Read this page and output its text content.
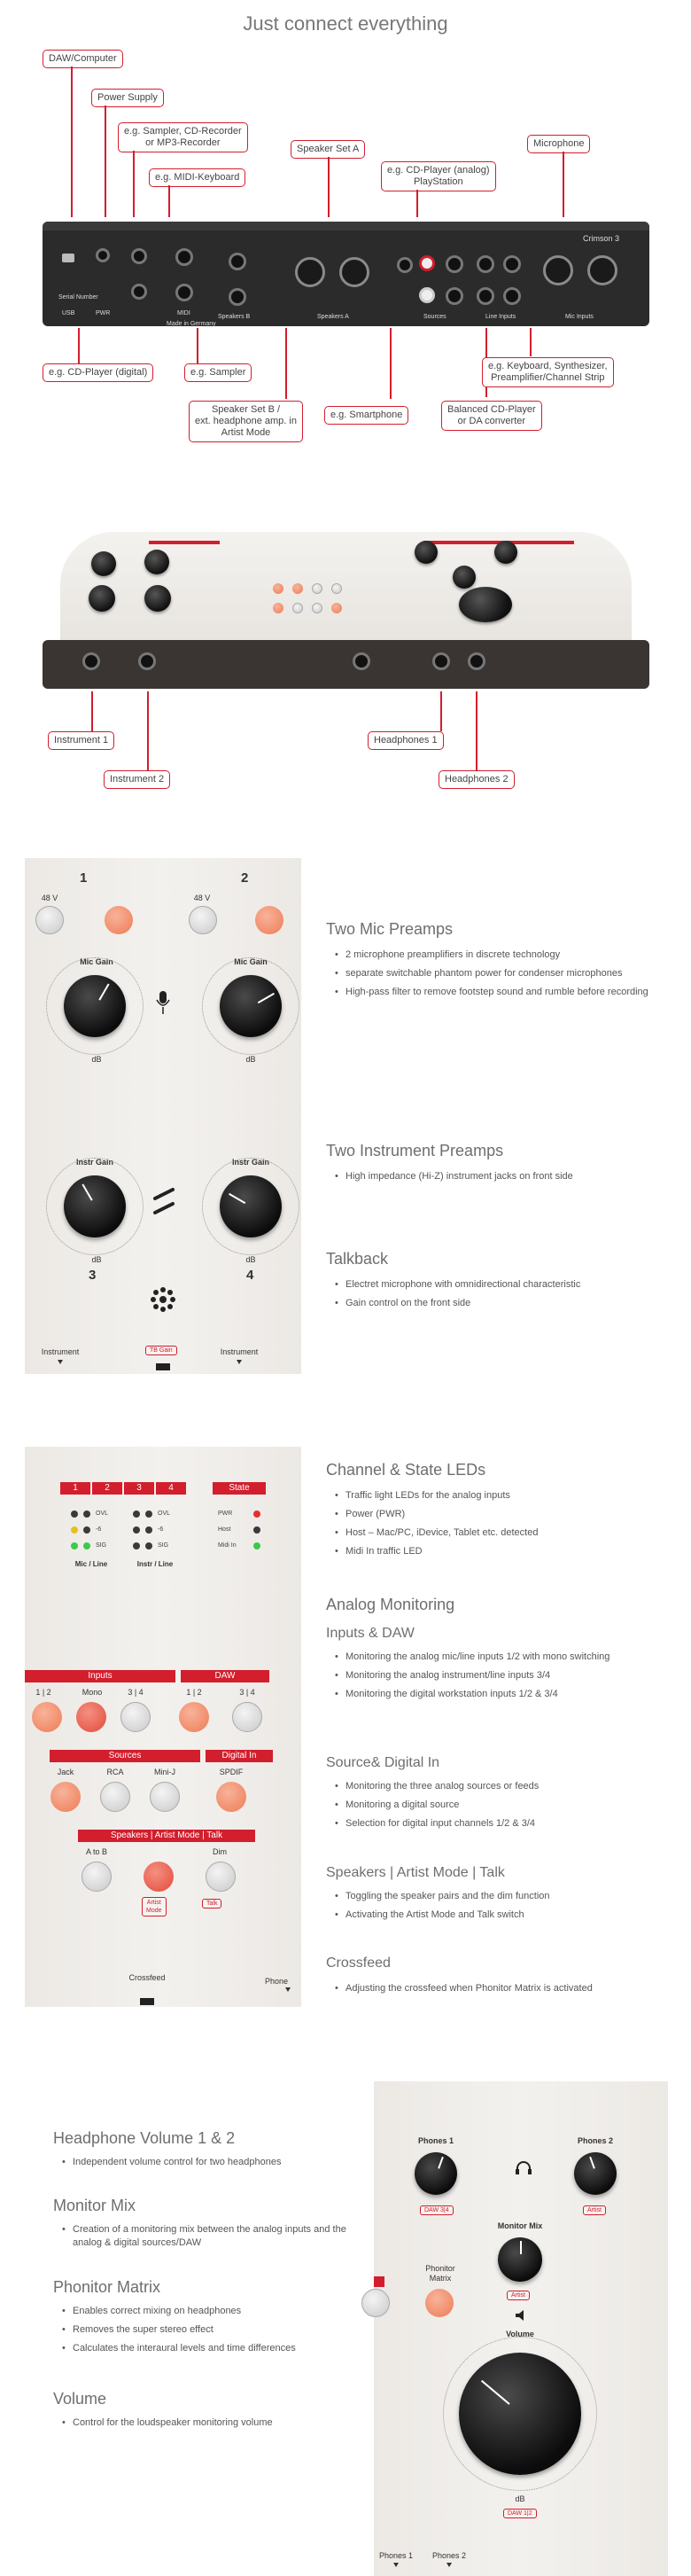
Just connect everything
DAW/Computer
Power Supply
e.g. Sampler, CD-Recorder
or MP3-Recorder
e.g. MIDI-Keyboard
Speaker Set A
e.g. CD-Player (analog)
PlayStation
Microphone
USB	PWR	MIDI
Speakers B	Speakers A	Sources	Line Inputs	Mic Inputs
Serial Number
Made in Germany
Crimson 3
e.g. CD-Player (digital)	e.g. Sampler
Speaker Set B /
ext. headphone amp. in
Artist Mode
e.g. Smartphone	Balanced CD-Player
or DA converter
e.g. Keyboard, Synthesizer,
Preamplifier/Channel Strip
Instrument 1
Instrument 2
Headphones 1
Headphones 2
1	2
48 V	48 V
Mic Gain
dB
Mic Gain
dB
Instr Gain
dB
3
Instr Gain
dB
4
Instrument	TB Gain	Instrument
Two Mic Preamps
• 2 microphone preamplifiers in discrete technology
• separate switchable phantom power for condenser microphones
• High-pass filter to remove footstep sound and rumble before recording
Two Instrument Preamps
• High impedance (Hi-Z) instrument jacks on front side
Talkback
• Electret microphone with omnidirectional characteristic
• Gain control on the front side
1	2	3	4	State
OVL
-6
SIG
OVL
-6
SIG
PWR
Host
Midi In
Mic / Line	Instr / Line
Inputs	DAW
1 | 2	Mono	3 | 4	1 | 2	3 | 4
Sources	Digital In
Jack	RCA	Mini-J	SPDIF
Speakers | Artist Mode | Talk
A to B	Dim
Artist
Mode
Talk
Crossfeed	Phone
Channel & State LEDs
• Traffic light LEDs for the analog inputs
• Power (PWR)
• Host – Mac/PC, iDevice, Tablet etc. detected
• Midi In traffic LED
Analog Monitoring
Inputs & DAW
• Monitoring the analog mic/line inputs 1/2 with mono switching
• Monitoring the analog instrument/line inputs 3/4
• Monitoring the digital workstation inputs 1/2 & 3/4
Source& Digital In
• Monitoring the three analog sources or feeds
• Monitoring a digital source
• Selection for digital input channels 1/2 & 3/4
Speakers | Artist Mode | Talk
• Toggling the speaker pairs and the dim function
• Activating the Artist Mode and Talk switch
Crossfeed
• Adjusting the crossfeed when Phonitor Matrix is activated
Headphone Volume 1 & 2
• Independent volume control for two headphones
Monitor Mix
• Creation of a monitoring mix between the analog inputs and the analog & digital sources/DAW
Phonitor Matrix
• Enables correct mixing on headphones
• Removes the super stereo effect
• Calculates the interaural levels and time differences
Volume
• Control for the loudspeaker monitoring volume
Phones 1
DAW 3|4
Phones 2
Artist
Monitor Mix
Artist
Phonitor
Matrix
Volume
dB
DAW 1|2
Phones 1	Phones 2
